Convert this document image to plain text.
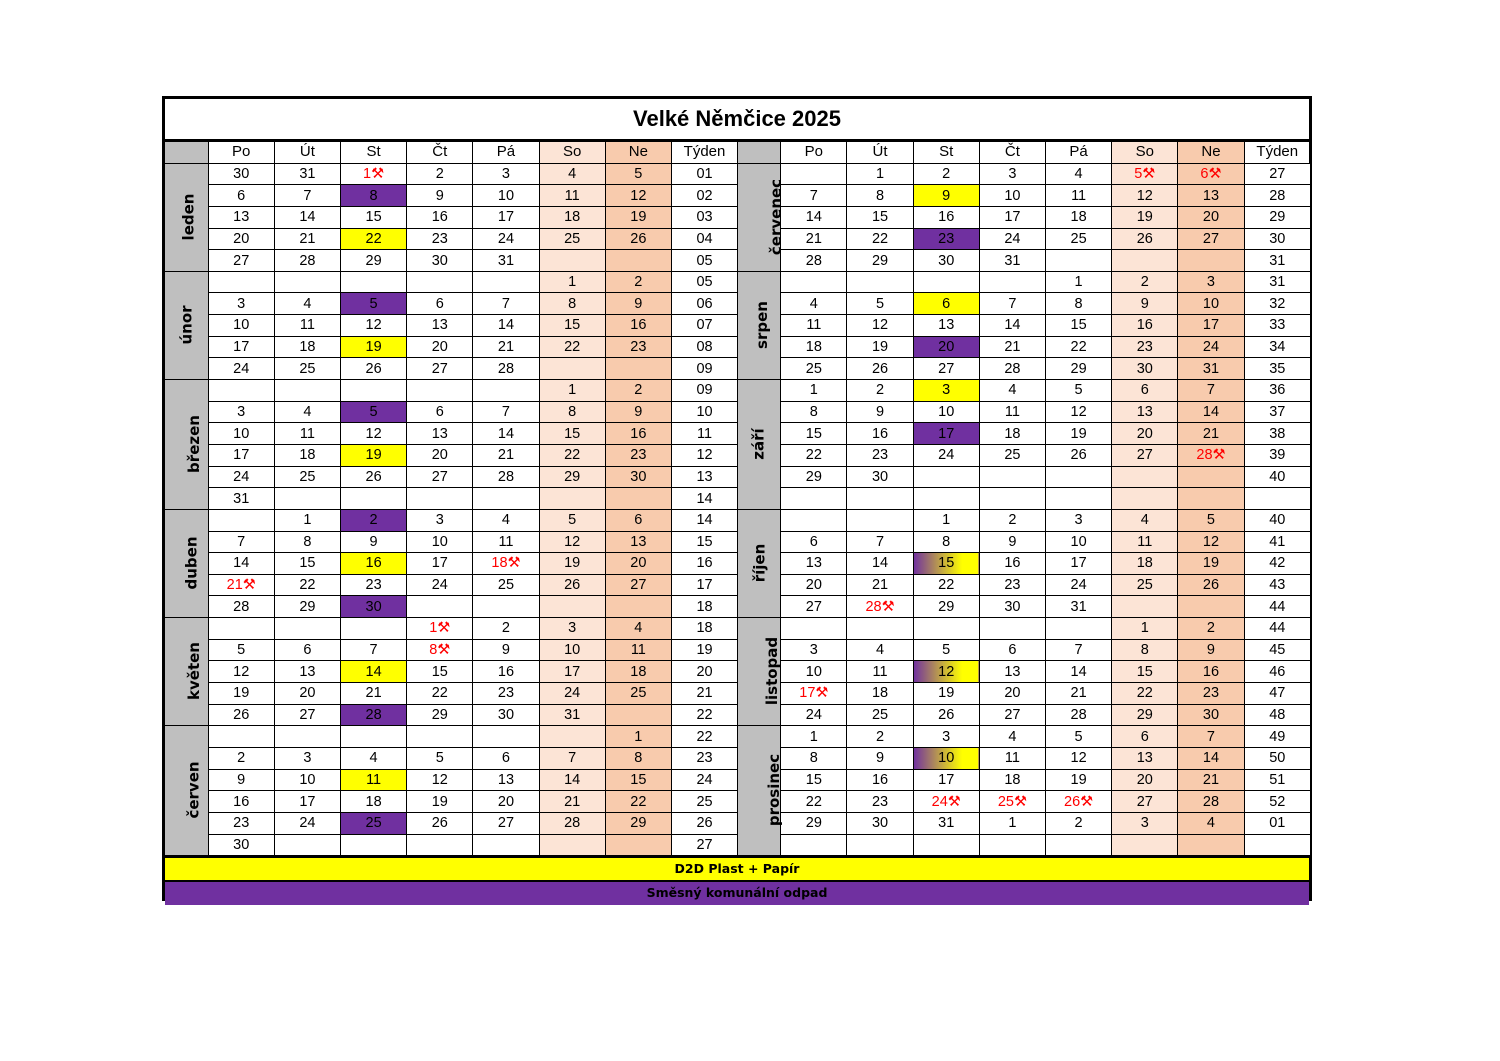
Velké Němčice 2025
	Po	Út	St	Čt	Pá	So	Ne	Týden		Po	Út	St	Čt	Pá	So	Ne	Týden
leden	30	31	1⚒	2	3	4	5	01	červenec		1	2	3	4	5⚒	6⚒	27
	6	7	8	9	10	11	12	02		7	8	9	10	11	12	13	28
	13	14	15	16	17	18	19	03		14	15	16	17	18	19	20	29
	20	21	22	23	24	25	26	04		21	22	23	24	25	26	27	30
	27	28	29	30	31			05		28	29	30	31				31
únor						1	2	05	srpen					1	2	3	31
	3	4	5	6	7	8	9	06		4	5	6	7	8	9	10	32
	10	11	12	13	14	15	16	07		11	12	13	14	15	16	17	33
	17	18	19	20	21	22	23	08		18	19	20	21	22	23	24	34
	24	25	26	27	28			09		25	26	27	28	29	30	31	35
březen						1	2	09	září	1	2	3	4	5	6	7	36
	3	4	5	6	7	8	9	10		8	9	10	11	12	13	14	37
	10	11	12	13	14	15	16	11		15	16	17	18	19	20	21	38
	17	18	19	20	21	22	23	12		22	23	24	25	26	27	28⚒	39
	24	25	26	27	28	29	30	13		29	30						40
	31							14									
duben		1	2	3	4	5	6	14	říjen			1	2	3	4	5	40
	7	8	9	10	11	12	13	15		6	7	8	9	10	11	12	41
	14	15	16	17	18⚒	19	20	16		13	14	15	16	17	18	19	42
	21⚒	22	23	24	25	26	27	17		20	21	22	23	24	25	26	43
	28	29	30					18		27	28⚒	29	30	31			44
květen				1⚒	2	3	4	18	listopad						1	2	44
	5	6	7	8⚒	9	10	11	19		3	4	5	6	7	8	9	45
	12	13	14	15	16	17	18	20		10	11	12	13	14	15	16	46
	19	20	21	22	23	24	25	21		17⚒	18	19	20	21	22	23	47
	26	27	28	29	30	31		22		24	25	26	27	28	29	30	48
červen							1	22	prosinec	1	2	3	4	5	6	7	49
	2	3	4	5	6	7	8	23		8	9	10	11	12	13	14	50
	9	10	11	12	13	14	15	24		15	16	17	18	19	20	21	51
	16	17	18	19	20	21	22	25		22	23	24⚒	25⚒	26⚒	27	28	52
	23	24	25	26	27	28	29	26		29	30	31	1	2	3	4	01
	30							27									
D2D Plast + Papír
Směsný komunální odpad
